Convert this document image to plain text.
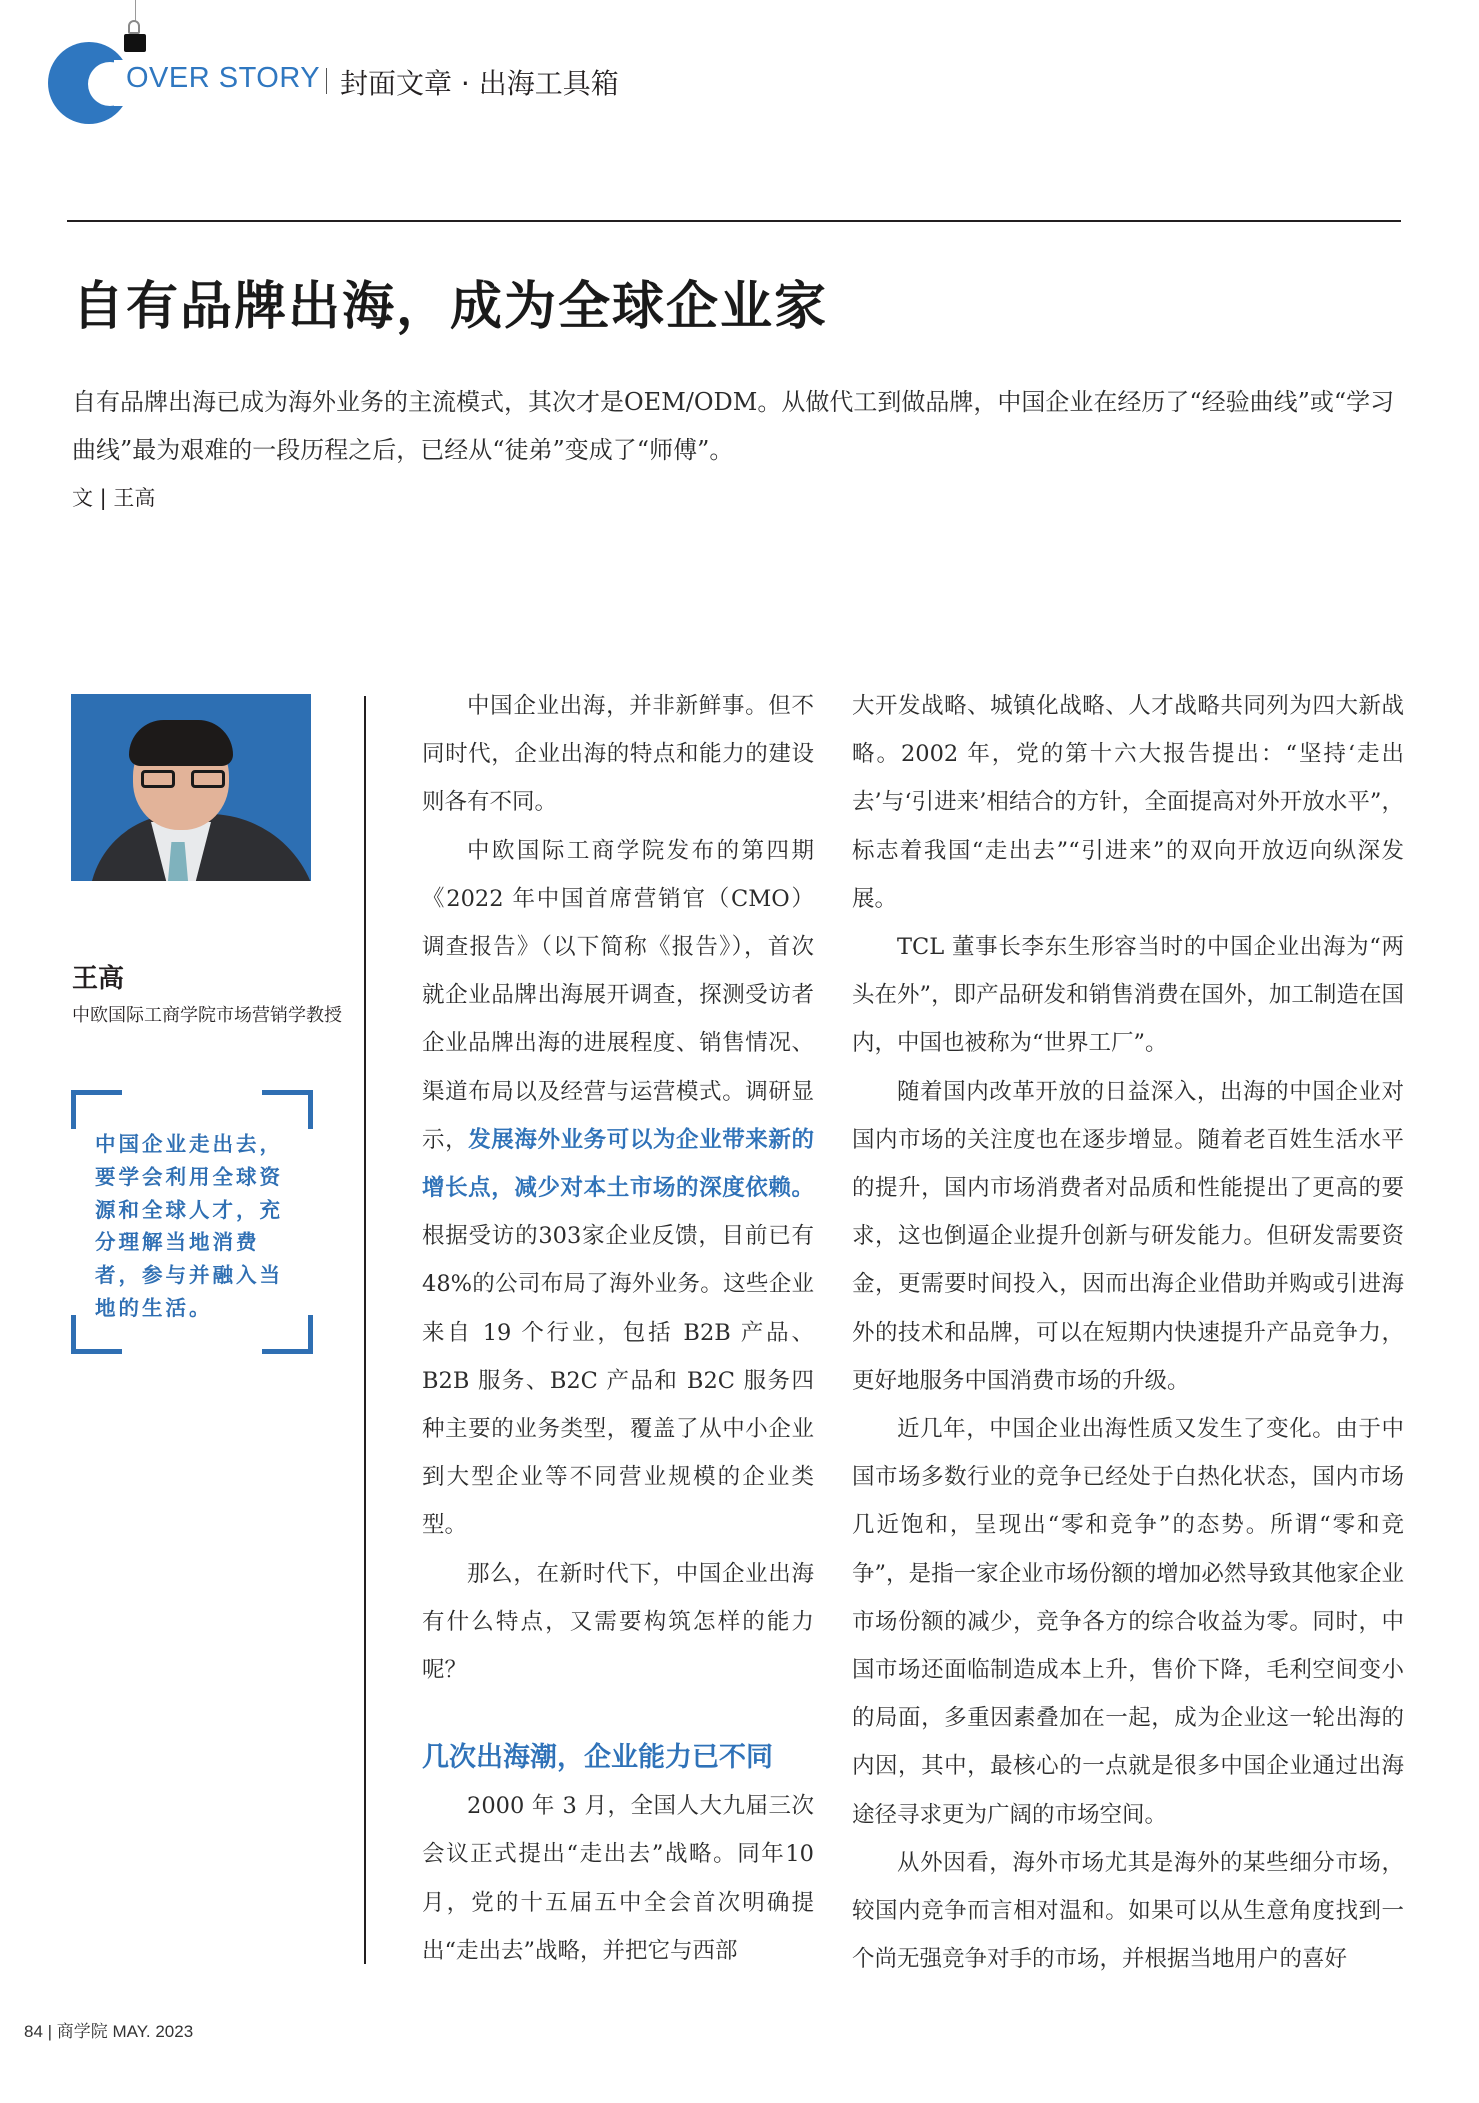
OVER STORY 封面文章 · 出海工具箱
自有品牌出海，成为全球企业家
自有品牌出海已成为海外业务的主流模式，其次才是OEM/ODM。从做代工到做品牌，中国企业在经历了“经验曲线”或“学习曲线”最为艰难的一段历程之后，已经从“徒弟”变成了“师傅”。
文 | 王高
王高
中欧国际工商学院市场营销学教授
中国企业走出去，要学会利用全球资源和全球人才，充分理解当地消费者，参与并融入当地的生活。

中国企业出海，并非新鲜事。但不同时代，企业出海的特点和能力的建设则各有不同。

中欧国际工商学院发布的第四期《2022 年中国首席营销官（CMO）调查报告》（以下简称《报告》），首次就企业品牌出海展开调查，探测受访者企业品牌出海的进展程度、销售情况、渠道布局以及经营与运营模式。调研显示，发展海外业务可以为企业带来新的增长点，减少对本土市场的深度依赖。根据受访的303家企业反馈，目前已有48%的公司布局了海外业务。这些企业来自 19 个行业，包括 B2B 产品、B2B 服务、B2C 产品和 B2C 服务四种主要的业务类型，覆盖了从中小企业到大型企业等不同营业规模的企业类型。

那么，在新时代下，中国企业出海有什么特点，又需要构筑怎样的能力呢？

几次出海潮，企业能力已不同

2000 年 3 月，全国人大九届三次会议正式提出“走出去”战略。同年10 月，党的十五届五中全会首次明确提出“走出去”战略，并把它与西部

大开发战略、城镇化战略、人才战略共同列为四大新战略。2002 年，党的第十六大报告提出：“坚持‘走出去’与‘引进来’相结合的方针，全面提高对外开放水平”，标志着我国“走出去”“引进来”的双向开放迈向纵深发展。

TCL 董事长李东生形容当时的中国企业出海为“两头在外”，即产品研发和销售消费在国外，加工制造在国内，中国也被称为“世界工厂”。

随着国内改革开放的日益深入，出海的中国企业对国内市场的关注度也在逐步增显。随着老百姓生活水平的提升，国内市场消费者对品质和性能提出了更高的要求，这也倒逼企业提升创新与研发能力。但研发需要资金，更需要时间投入，因而出海企业借助并购或引进海外的技术和品牌，可以在短期内快速提升产品竞争力，更好地服务中国消费市场的升级。

近几年，中国企业出海性质又发生了变化。由于中国市场多数行业的竞争已经处于白热化状态，国内市场几近饱和，呈现出“零和竞争”的态势。所谓“零和竞争”，是指一家企业市场份额的增加必然导致其他家企业市场份额的减少，竞争各方的综合收益为零。同时，中国市场还面临制造成本上升，售价下降，毛利空间变小的局面，多重因素叠加在一起，成为企业这一轮出海的内因，其中，最核心的一点就是很多中国企业通过出海途径寻求更为广阔的市场空间。

从外因看，海外市场尤其是海外的某些细分市场，较国内竞争而言相对温和。如果可以从生意角度找到一个尚无强竞争对手的市场，并根据当地用户的喜好

84 | 商学院 MAY. 2023
